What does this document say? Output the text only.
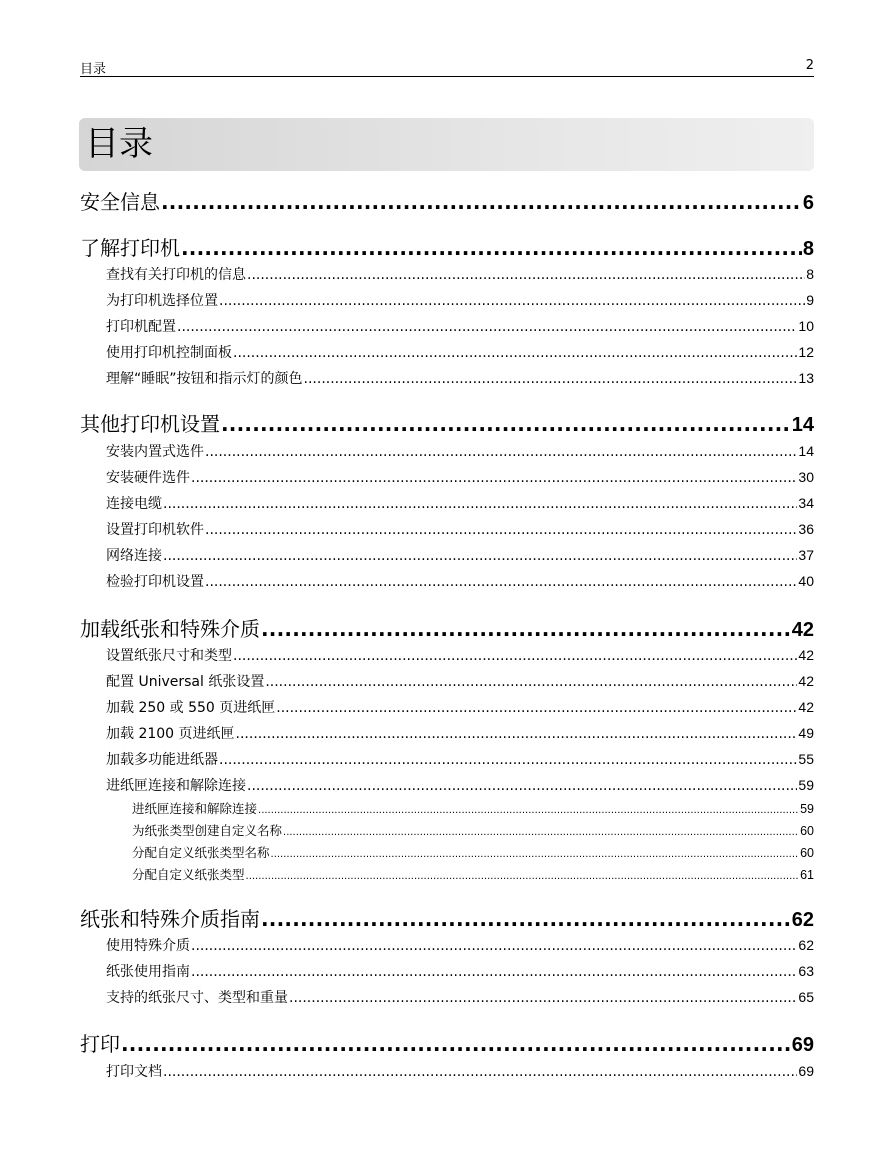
目录	2
目录
安全信息 .....	6
了解打印机 .....	8
查找有关打印机的信息 .....	8
为打印机选择位置 .....	9
打印机配置 .....	10
使用打印机控制面板 .....	12
理解“睡眠”按钮和指示灯的颜色 .....	13
其他打印机设置 .....	14
安装内置式选件 .....	14
安装硬件选件 .....	30
连接电缆 .....	34
设置打印机软件 .....	36
网络连接 .....	37
检验打印机设置 .....	40
加载纸张和特殊介质 .....	42
设置纸张尺寸和类型 .....	42
配置 Universal 纸张设置 .....	42
加载 250 或 550 页进纸匣 .....	42
加载 2100 页进纸匣 .....	49
加载多功能进纸器 .....	55
进纸匣连接和解除连接 .....	59
进纸匣连接和解除连接 .....	59
为纸张类型创建自定义名称 .....	60
分配自定义纸张类型名称 .....	60
分配自定义纸张类型 .....	61
纸张和特殊介质指南 .....	62
使用特殊介质 .....	62
纸张使用指南 .....	63
支持的纸张尺寸、类型和重量 .....	65
打印 .....	69
打印文档 .....	69
